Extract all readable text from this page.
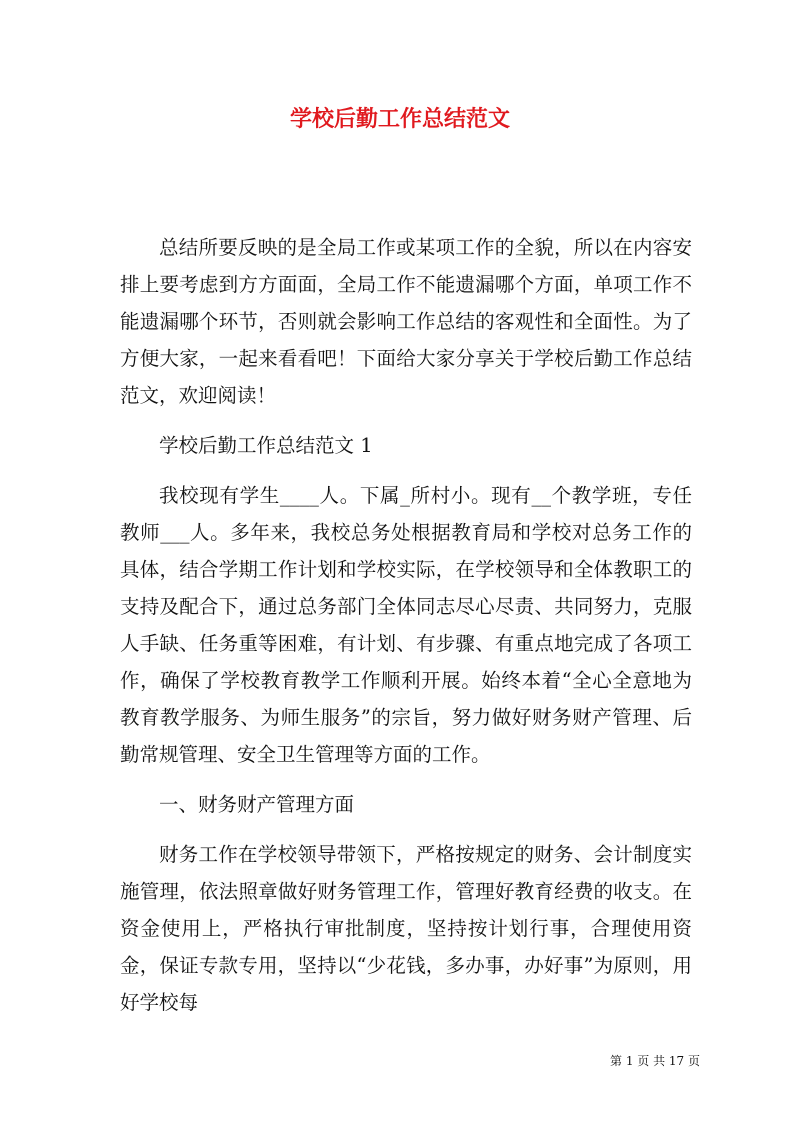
学校后勤工作总结范文

总结所要反映的是全局工作或某项工作的全貌，所以在内容安排上要考虑到方方面面，全局工作不能遗漏哪个方面，单项工作不能遗漏哪个环节，否则就会影响工作总结的客观性和全面性。为了方便大家，一起来看看吧！下面给大家分享关于学校后勤工作总结范文，欢迎阅读！

学校后勤工作总结范文 1

我校现有学生____人。下属_所村小。现有__个教学班，专任教师___人。多年来，我校总务处根据教育局和学校对总务工作的具体，结合学期工作计划和学校实际，在学校领导和全体教职工的支持及配合下，通过总务部门全体同志尽心尽责、共同努力，克服人手缺、任务重等困难，有计划、有步骤、有重点地完成了各项工作，确保了学校教育教学工作顺利开展。始终本着“全心全意地为教育教学服务、为师生服务”的宗旨，努力做好财务财产管理、后勤常规管理、安全卫生管理等方面的工作。

一、财务财产管理方面

财务工作在学校领导带领下，严格按规定的财务、会计制度实施管理，依法照章做好财务管理工作，管理好教育经费的收支。在资金使用上，严格执行审批制度，坚持按计划行事，合理使用资金，保证专款专用，坚持以“少花钱，多办事，办好事”为原则，用好学校每

第 1 页 共 17 页
